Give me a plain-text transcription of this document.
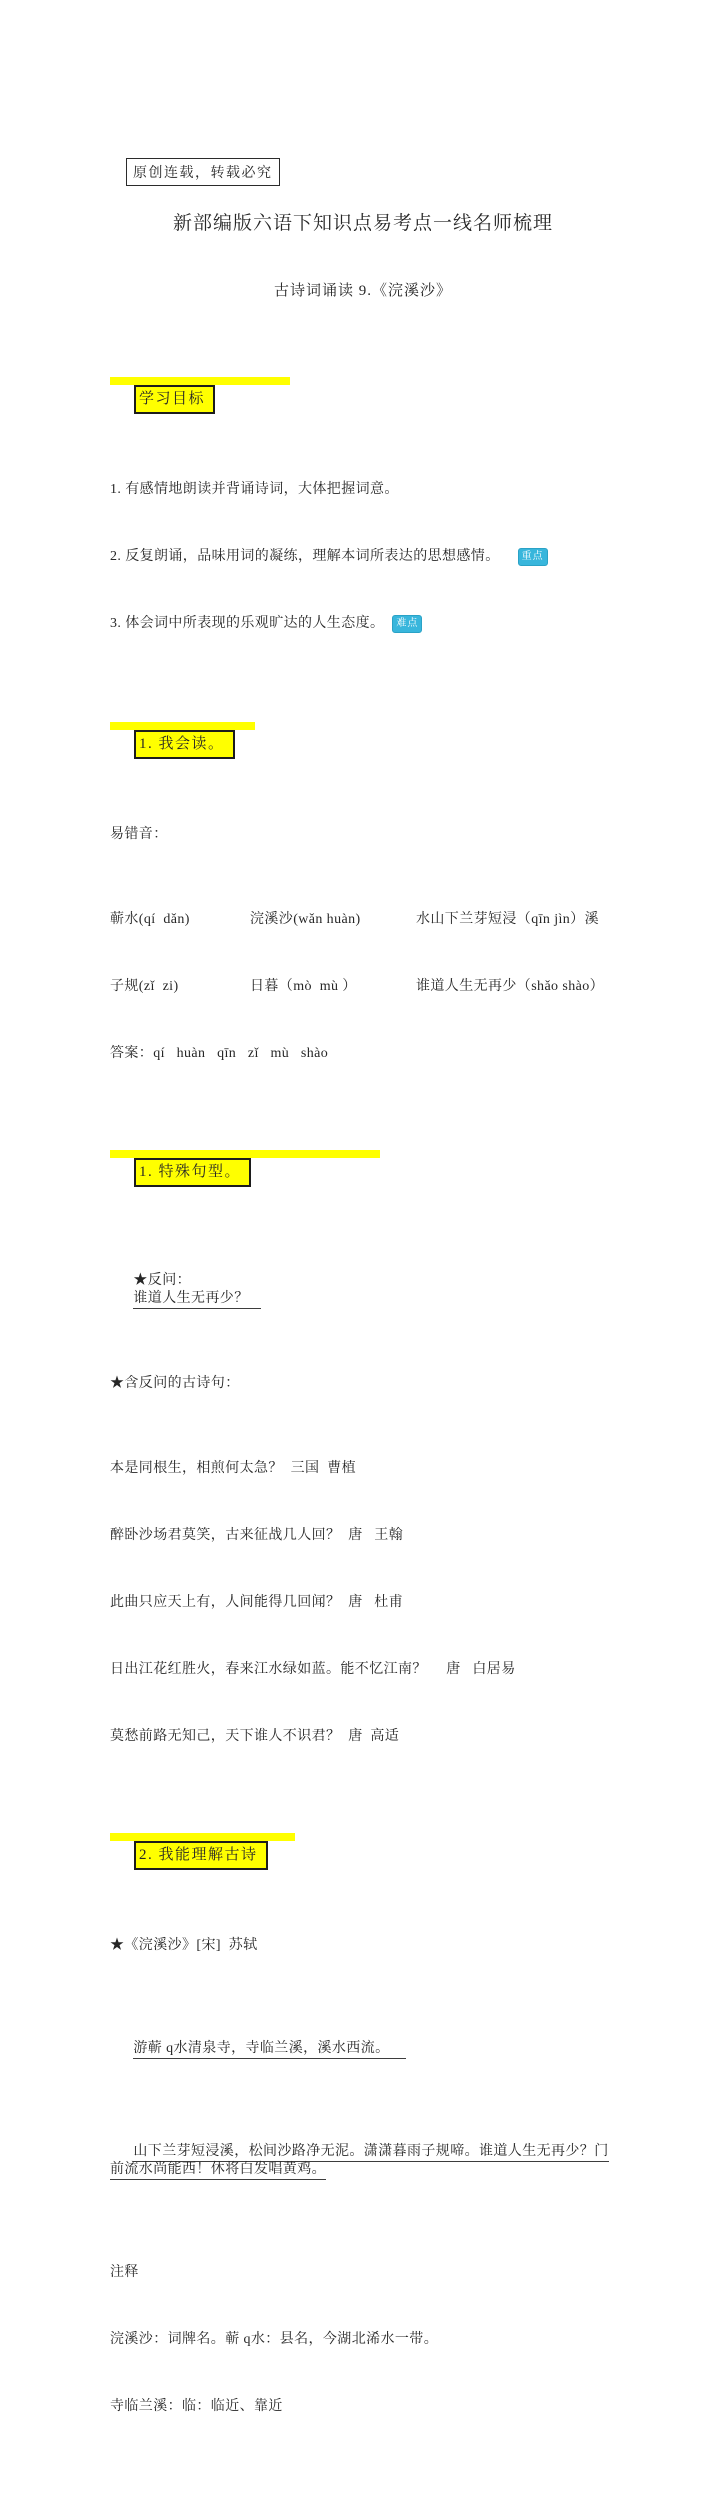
原创连载，转载必究

新部编版六语下知识点易考点一线名师梳理

古诗词诵读 9.《浣溪沙》

学习目标

1. 有感情地朗读并背诵诗词，大体把握词意。

2. 反复朗诵，品味用词的凝练，理解本词所表达的思想感情。	重点

3. 体会词中所表现的乐观旷达的人生态度。	难点

1. 我会读。

易错音：

蕲水(qí  dǎn)	浣溪沙(wǎn huàn)	水山下兰芽短浸（qīn jìn）溪

子规(zǐ  zi)	日暮（mò  mù ）	谁道人生无再少（shǎo shào）

答案：qí   huàn   qīn   zǐ   mù   shào

1. 特殊句型。

★反问：
谁道人生无再少？

★含反问的古诗句：

本是同根生，相煎何太急？  三国  曹植

醉卧沙场君莫笑，古来征战几人回？  唐   王翰

此曲只应天上有，人间能得几回闻？  唐   杜甫

日出江花红胜火，春来江水绿如蓝。能不忆江南？     唐   白居易

莫愁前路无知己，天下谁人不识君？  唐  高适

2. 我能理解古诗

★《浣溪沙》[宋]  苏轼

游蕲 q水清泉寺，寺临兰溪，溪水西流。

山下兰芽短浸溪，松间沙路净无泥。潇潇暮雨子规啼。谁道人生无再少？门前流水尚能西！休将白发唱黄鸡。

注释

浣溪沙：词牌名。蕲 q水：县名，今湖北浠水一带。

寺临兰溪：临：临近、靠近
